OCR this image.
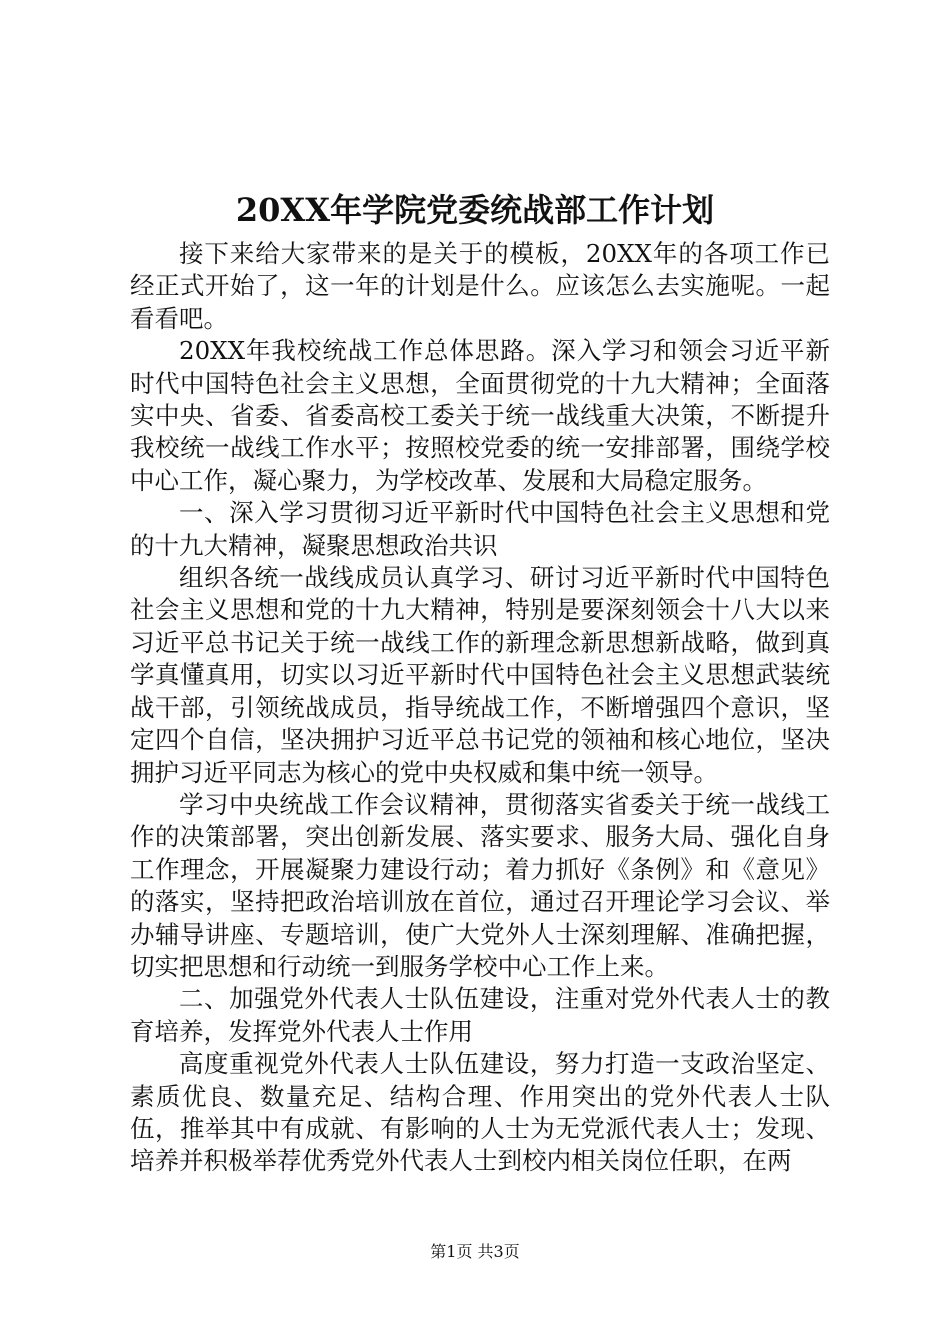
20XX年学院党委统战部工作计划

接下来给大家带来的是关于的模板，20XX年的各项工作已经正式开始了，这一年的计划是什么。应该怎么去实施呢。一起看看吧。

20XX年我校统战工作总体思路。深入学习和领会习近平新时代中国特色社会主义思想，全面贯彻党的十九大精神；全面落实中央、省委、省委高校工委关于统一战线重大决策，不断提升我校统一战线工作水平；按照校党委的统一安排部署，围绕学校中心工作，凝心聚力，为学校改革、发展和大局稳定服务。

一、深入学习贯彻习近平新时代中国特色社会主义思想和党的十九大精神，凝聚思想政治共识

组织各统一战线成员认真学习、研讨习近平新时代中国特色社会主义思想和党的十九大精神，特别是要深刻领会十八大以来习近平总书记关于统一战线工作的新理念新思想新战略，做到真学真懂真用，切实以习近平新时代中国特色社会主义思想武装统战干部，引领统战成员，指导统战工作，不断增强四个意识，坚定四个自信，坚决拥护习近平总书记党的领袖和核心地位，坚决拥护习近平同志为核心的党中央权威和集中统一领导。

学习中央统战工作会议精神，贯彻落实省委关于统一战线工作的决策部署，突出创新发展、落实要求、服务大局、强化自身工作理念，开展凝聚力建设行动；着力抓好《条例》和《意见》的落实，坚持把政治培训放在首位，通过召开理论学习会议、举办辅导讲座、专题培训，使广大党外人士深刻理解、准确把握，切实把思想和行动统一到服务学校中心工作上来。

二、加强党外代表人士队伍建设，注重对党外代表人士的教育培养，发挥党外代表人士作用

高度重视党外代表人士队伍建设，努力打造一支政治坚定、素质优良、数量充足、结构合理、作用突出的党外代表人士队伍，推举其中有成就、有影响的人士为无党派代表人士；发现、培养并积极举荐优秀党外代表人士到校内相关岗位任职，在两

第1页 共3页
